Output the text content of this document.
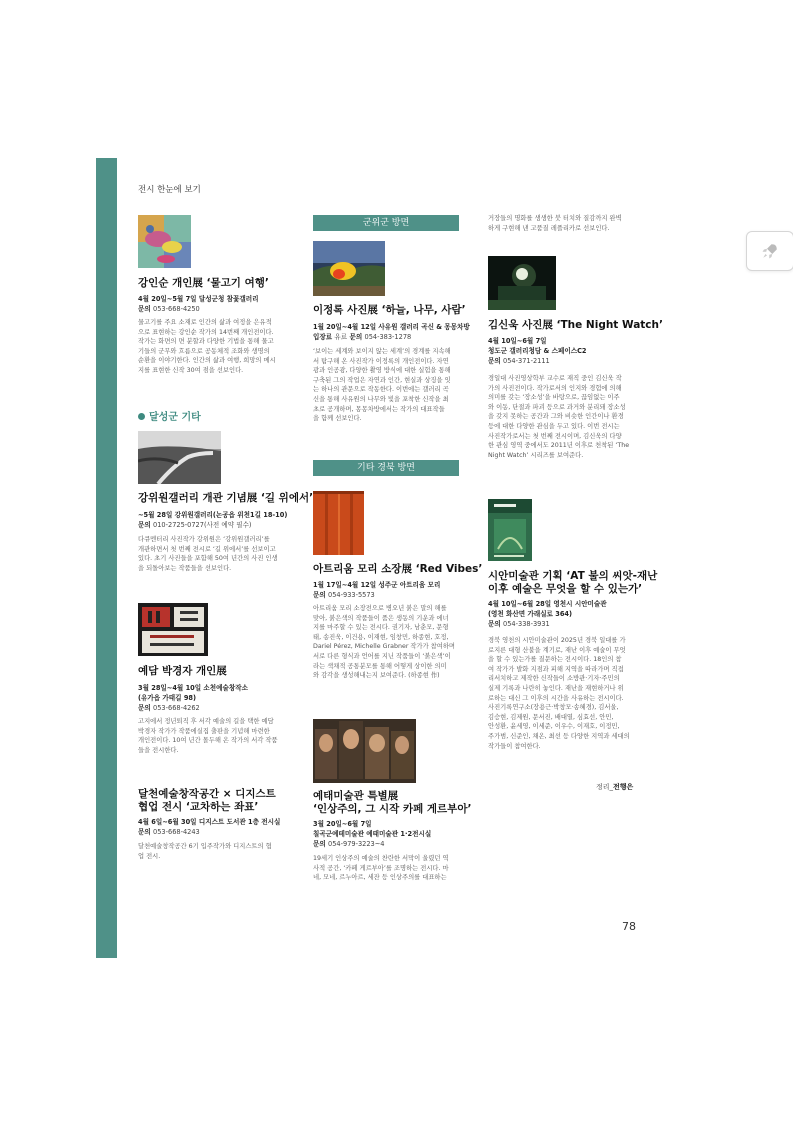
전시 한눈에 보기
강인순 개인展 ‘물고기 여행’
4월 20일~5월 7일 달성군청 참꽃갤러리
문의 053-668-4250
물고기를 주요 소재로 인간의 삶과 여정을 은유적
으로 표현하는 강인순 작가의 14번째 개인전이다.
작가는 화면의 면 분할과 다양한 기법을 통해 물고
기들의 군무와 흐름으로 공동체적 조화와 생명의
순환을 이야기한다. 인간의 삶과 여행, 희망의 메시
지를 표현한 신작 30여 점을 선보인다.
달성군 기타
강위원갤러리 개관 기념展 ‘길 위에서’
~5월 28일 강위원갤러리(논공읍 위천1길 18-10)
문의 010-2725-0727(사전 예약 필수)
다큐멘터리 사진작가 강위원은 ‘강위원갤러리’를
개관하면서 첫 번째 전시로 ‘길 위에서’를 선보이고
있다. 초기 사진들을 포함해 50여 년간의 사진 인생
을 되돌아보는 작품들을 선보인다.
예담 박경자 개인展
3월 28일~4월 10일 소천예술창작소
(유가읍 가태길 98)
문의 053-668-4262
고지에서 정년퇴직 후 서각 예술의 길을 택한 예담
박경자 작가가 작품에실집 출판을 기념해 마련한
개인전이다. 10여 년간 몰두해 온 작가의 서각 작품
들을 전시한다.
달천예술창작공간 × 디지스트
협업 전시 ‘교차하는 좌표’
4월 6일~6월 30일 디지스트 도서관 1층 전시실
문의 053-668-4243
달천예술창작공간 6기 입주작가와 디지스트의 협
업 전시.
군위군 방면
이정록 사진展 ‘하늘, 나무, 사람’
1월 20일~4월 12일 사유원 갤러리 곡신 & 몽몽차방
입장료 유료 문의 054-383-1278
‘보이는 세계와 보이지 않는 세계’의 경계를 지속해
서 탐구해 온 사진작가 이정록의 개인전이다. 자연
광과 인공광, 다양한 촬영 방식에 대한 실험을 통해
구축된 그의 작업은 자연과 인간, 현실과 상징을 잇
는 하나의 관문으로 작동한다. 이번에는 갤러리 곡
신을 통해 사유원의 나무와 빛을 포착한 신작을 최
초로 공개하며, 몽몽차방에서는 작가의 대표작들
을 함께 선보인다.
기타 경북 방면
아트리움 모리 소장展 ‘Red Vibes’
1월 17일~4월 12일 성주군 아트리움 모리
문의 054-933-5573
아트리움 모리 소장전으로 병오년 붉은 말의 해를
맞아, 붉은색의 작품들이 품은 생동의 기운과 에너
지를 마주할 수 있는 전시다. 권기자, 남춘모, 문형
태, 송진욱, 이건용, 이재현, 임창민, 하종현, 호정,
Dariel Pérez, Michelle Grabner 작가가 참여하며
서로 다른 형식과 언어를 지닌 작품들이 ‘붉은색’이
라는 색채적 공통분모를 통해 어떻게 상이한 의미
와 감각을 생성해내는지 보여준다. (하종현 作)
예태미술관 특별展
‘인상주의, 그 시작 카페 게르부아’
3월 20일~6월 7일
칠곡군예테미술관 예태미술관 1·2전시실
문의 054-979-3223~4
19세기 인상주의 예술의 찬란한 서막이 울렸던 역
사적 공간, ‘카페 게르부아’를 조명하는 전시다. 마
네, 모네, 르누아르, 세잔 등 인상주의를 대표하는
거장들의 명화를 생생한 붓 터치와 질감까지 완벽
하게 구현해 낸 고품질 레플리카로 선보인다.
김신욱 사진展 ‘The Night Watch’
4월 10일~6월 7일
청도군 갤러리청담 & 스페이스C2
문의 054-371-2111
경일대 사진영상학부 교수로 재직 중인 김신욱 작
가의 사진전이다. 작가로서의 인지와 경험에 의해
의미를 갖는 ‘장소성’을 바탕으로, 끊임없는 이주
와 이동, 단절과 파괴 등으로 과거와 분리돼 장소성
을 갖지 못하는 공간과 그와 비슷한 인간이나 환경
등에 대한 다양한 관심을 두고 있다. 이번 전시는
사진작가로서는 첫 번째 전시이며, 김신욱의 다양
한 관심 영역 중에서도 2011년 이후로 천착된 ‘The
Night Watch’ 시리즈를 보여준다.
시안미술관 기획 ‘AT 불의 씨앗-재난
이후 예술은 무엇을 할 수 있는가’
4월 10일~6월 28일 영천시 시안미술관
(영천 화산면 가래실로 364)
문의 054-338-3931
경북 영천의 시안미술관이 2025년 경북 일대를 가
로지른 대형 산불을 계기로, 재난 이후 예술이 무엇
을 할 수 있는가를 질문하는 전시이다. 18인의 참
여 작가가 발화 지점과 피해 지역을 따라가며 직접
리서치하고 제작한 신작들이 소방관·기자·주민의
실제 기록과 나란히 놓인다. 재난을 재현하거나 위
로하는 대신 그 이후의 시간을 사유하는 전시이다.
사진기록연구소(장용근·박창모·송혜경), 김서울,
김승현, 김제원, 문서진, 배대열, 심효선, 안민,
안성환, 윤세영, 이세준, 이우수, 이재호, 이정민,
주가범, 신준인, 채온, 최선 등 다양한 지역과 세대의
작가들이 참여한다.
정리_전행은
78
